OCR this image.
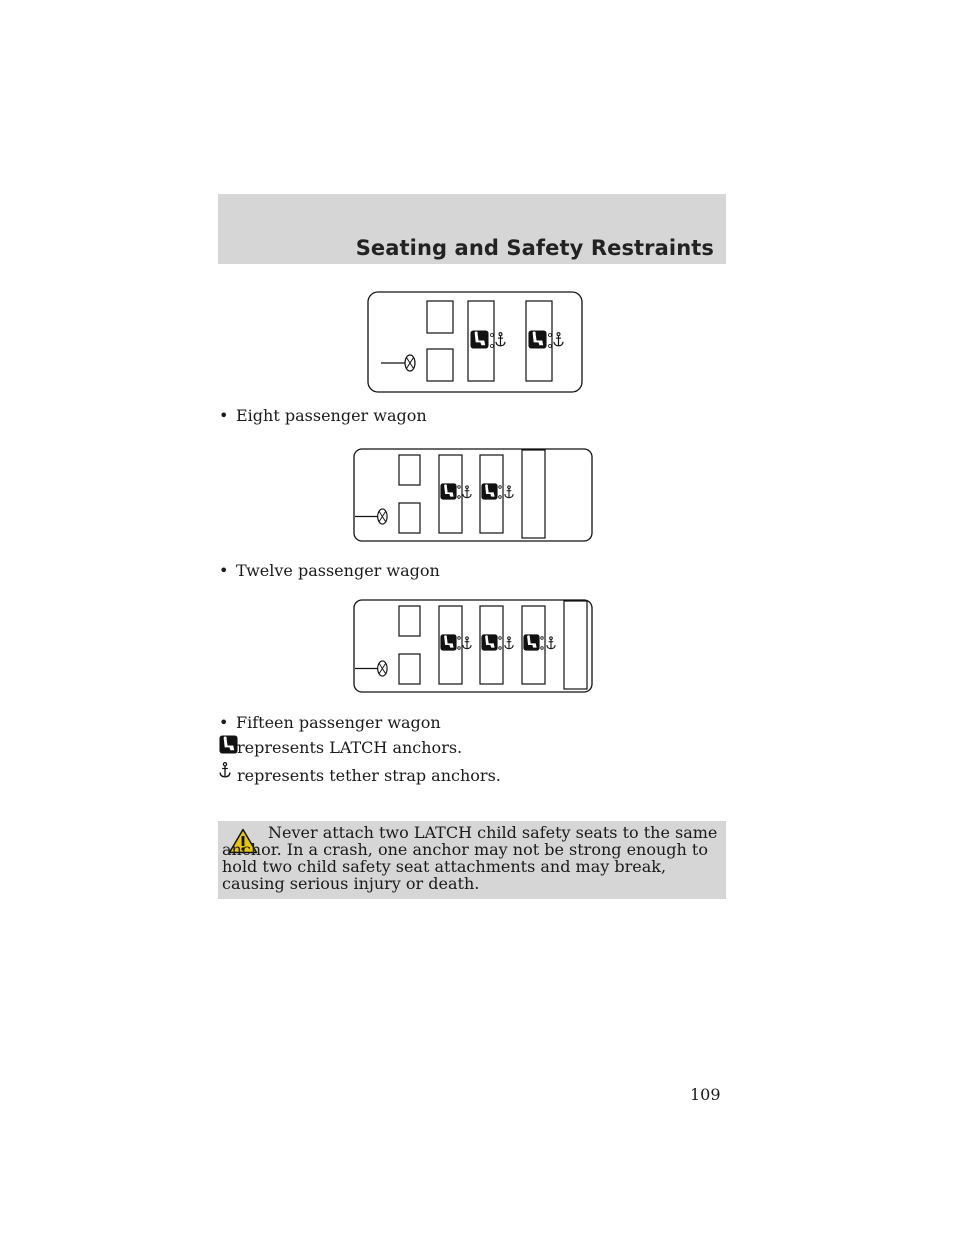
Seating and Safety Restraints
• Eight passenger wagon
• Twelve passenger wagon
• Fifteen passenger wagon
represents LATCH anchors.
represents tether strap anchors.
Never attach two LATCH child safety seats to the same anchor. In a crash, one anchor may not be strong enough to hold two child safety seat attachments and may break, causing serious injury or death.
109
